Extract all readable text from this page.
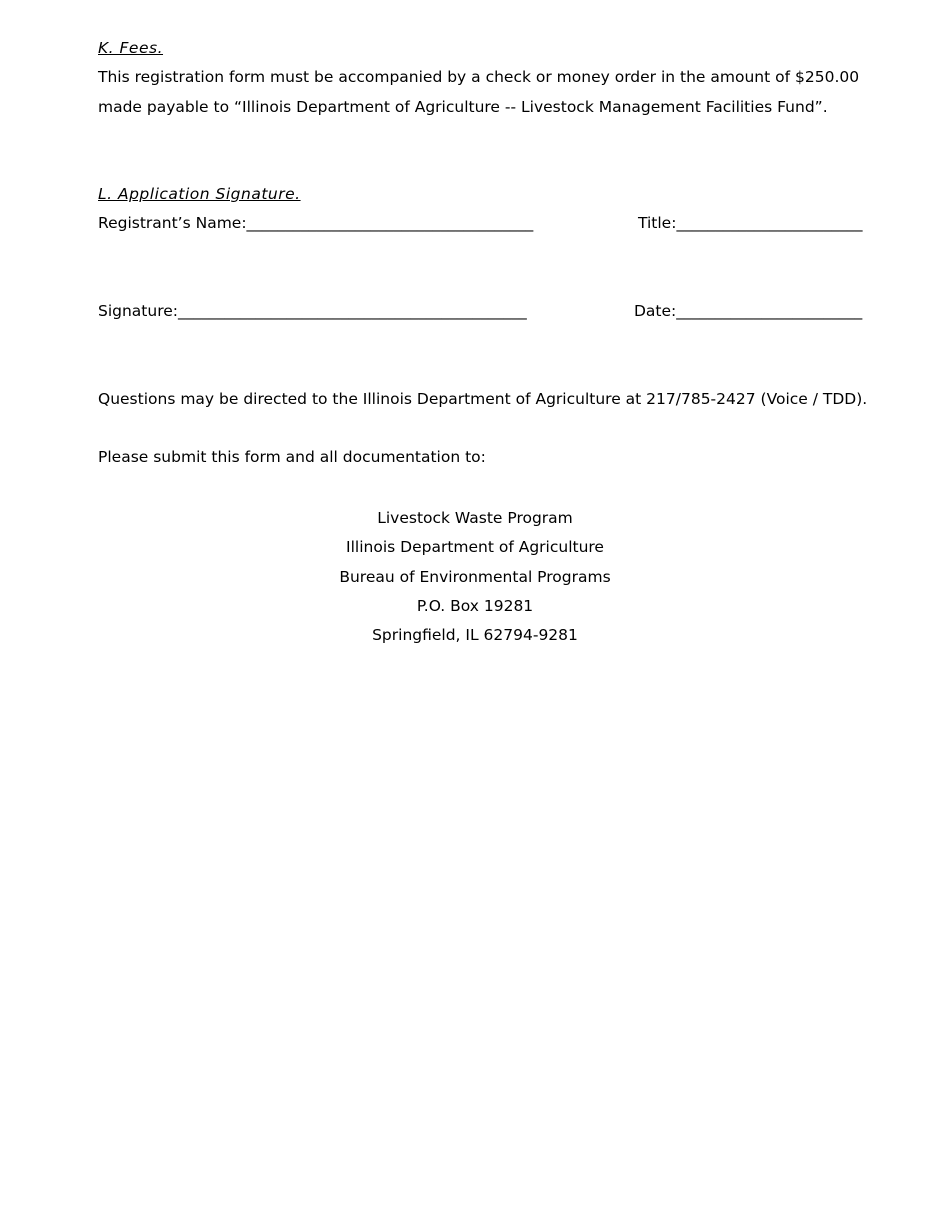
K. Fees.

This registration form must be accompanied by a check or money order in the amount of $250.00 made payable to “Illinois Department of Agriculture -- Livestock Management Facilities Fund”.

L. Application Signature.
Registrant’s Name:_____________________________________	Title:________________________
Signature:_____________________________________________	Date:________________________
Questions may be directed to the Illinois Department of Agriculture at 217/785-2427 (Voice / TDD).
Please submit this form and all documentation to:
Livestock Waste Program
Illinois Department of Agriculture
Bureau of Environmental Programs
P.O. Box 19281
Springfield, IL 62794-9281
